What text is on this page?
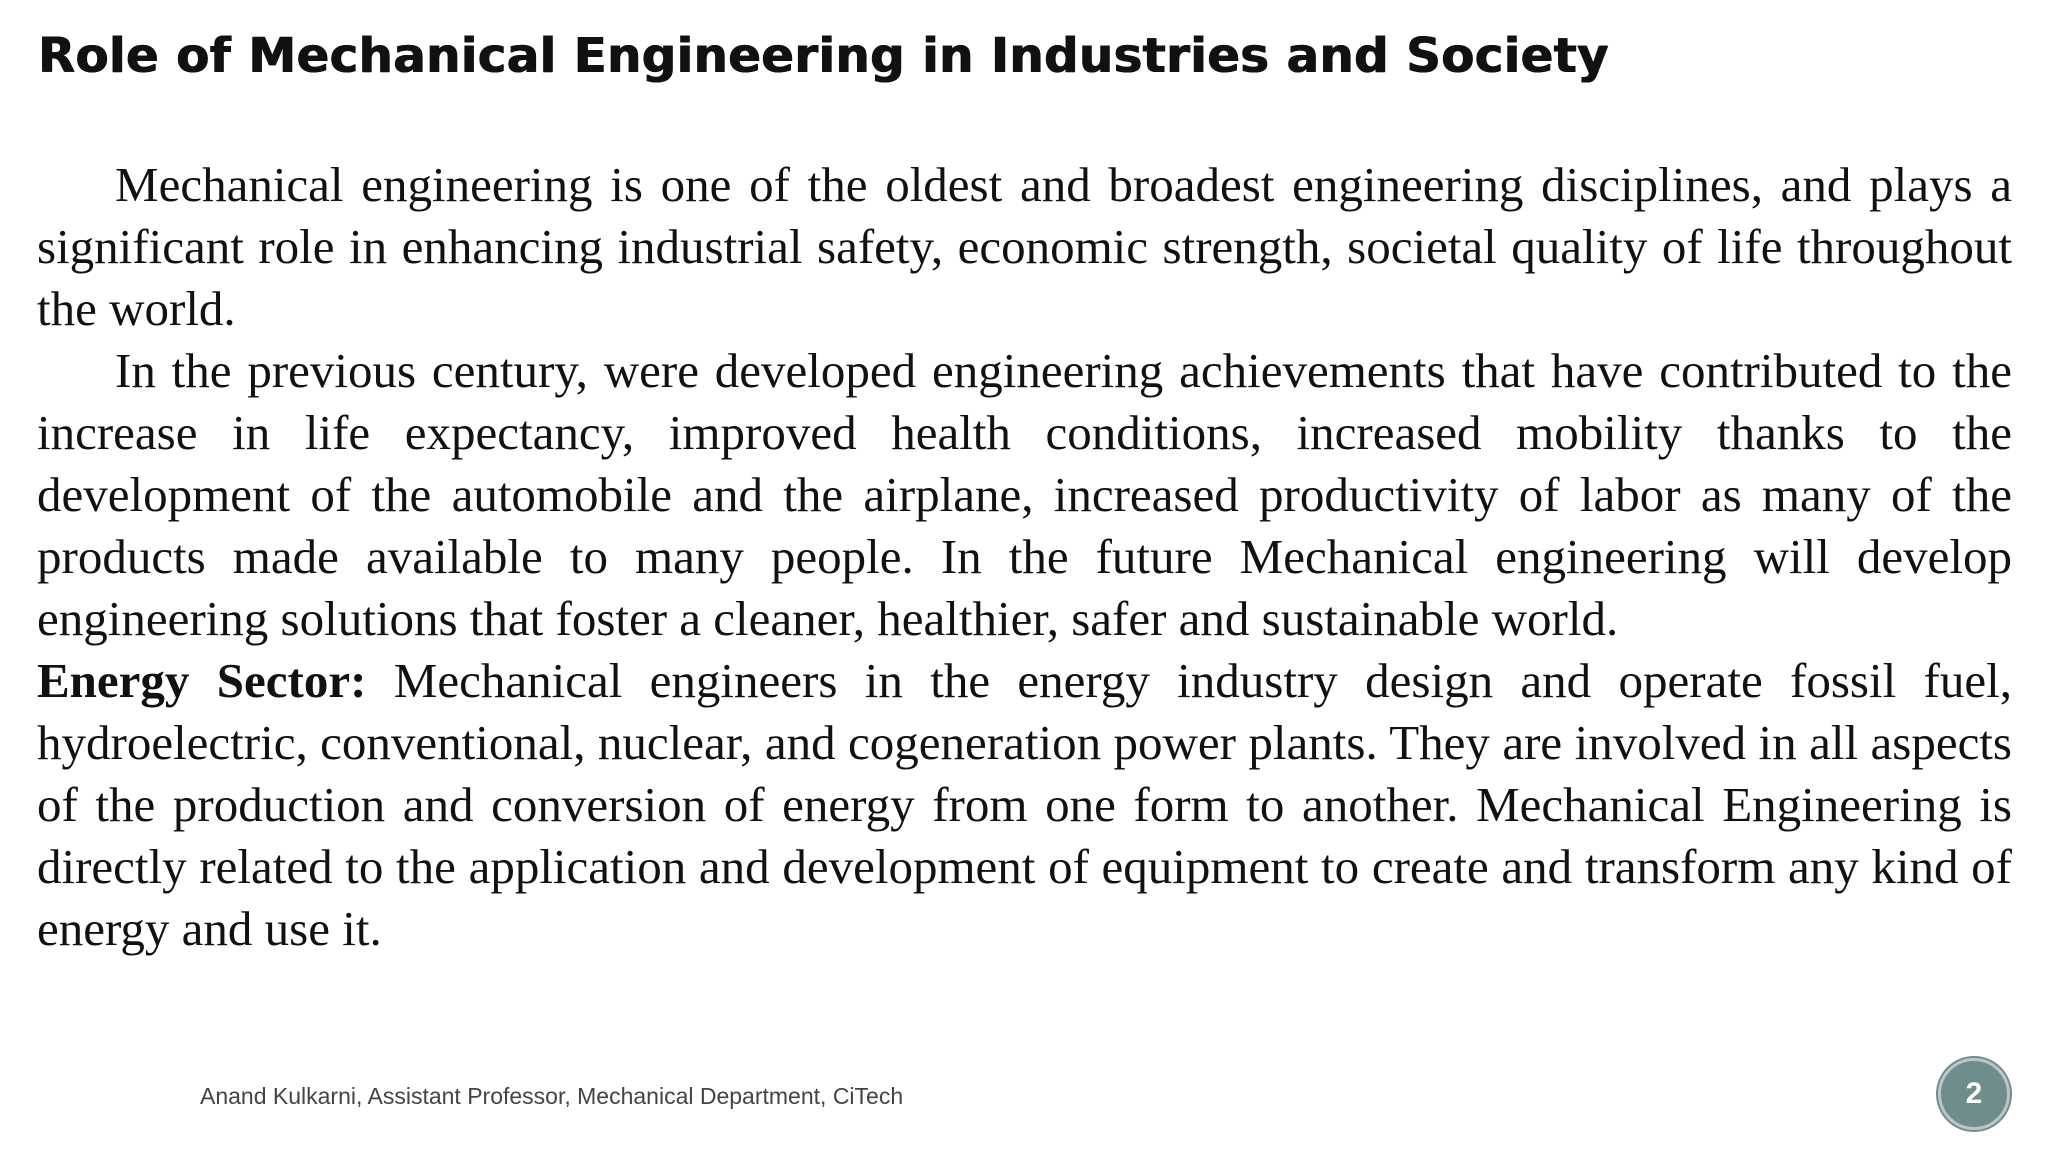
Role of Mechanical Engineering in Industries and Society

Mechanical engineering is one of the oldest and broadest engineering disciplines, and plays a significant role in enhancing industrial safety, economic strength, societal quality of life throughout the world.

In the previous century, were developed engineering achievements that have contributed to the increase in life expectancy, improved health conditions, increased mobility thanks to the development of the automobile and the airplane, increased productivity of labor as many of the products made available to many people. In the future Mechanical engineering will develop engineering solutions that foster a cleaner, healthier, safer and sustainable world.

Energy Sector: Mechanical engineers in the energy industry design and operate fossil fuel, hydroelectric, conventional, nuclear, and cogeneration power plants. They are involved in all aspects of the production and conversion of energy from one form to another. Mechanical Engineering is directly related to the application and development of equipment to create and transform any kind of energy and use it.

Anand Kulkarni, Assistant Professor, Mechanical Department, CiTech	2
